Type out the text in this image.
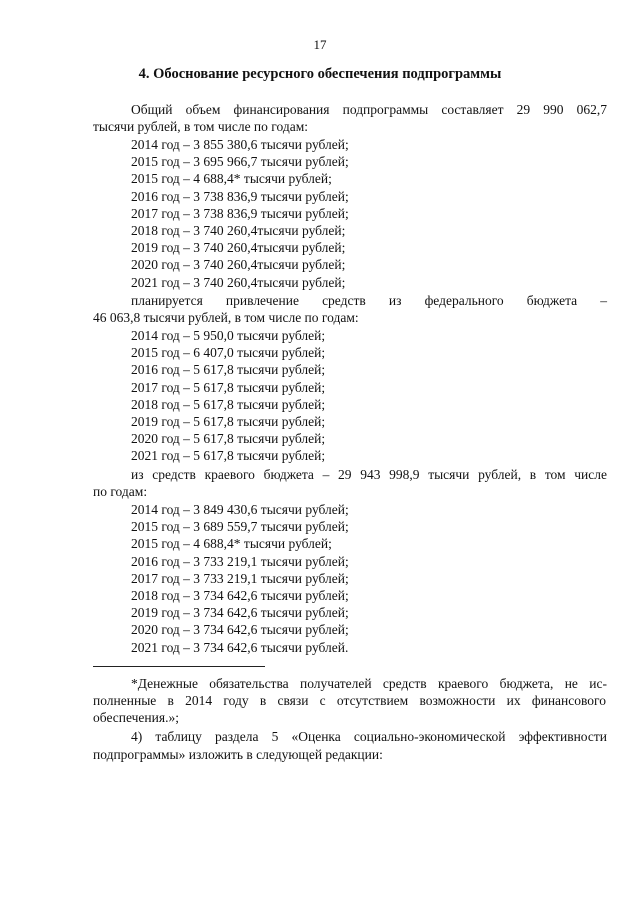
17
4. Обоснование ресурсного обеспечения подпрограммы
Общий объем финансирования подпрограммы составляет 29 990 062,7
тысячи рублей, в том числе по годам:
2014 год – 3 855 380,6 тысячи рублей;
2015 год – 3 695 966,7 тысячи рублей;
2015 год – 4 688,4* тысячи рублей;
2016 год – 3 738 836,9 тысячи рублей;
2017 год – 3 738 836,9 тысячи рублей;
2018 год – 3 740 260,4тысячи рублей;
2019 год – 3 740 260,4тысячи рублей;
2020 год – 3 740 260,4тысячи рублей;
2021 год – 3 740 260,4тысячи рублей;
планируется привлечение средств из федерального бюджета –
46 063,8 тысячи рублей, в том числе по годам:
2014 год – 5 950,0 тысячи рублей;
2015 год – 6 407,0 тысячи рублей;
2016 год – 5 617,8 тысячи рублей;
2017 год – 5 617,8 тысячи рублей;
2018 год – 5 617,8 тысячи рублей;
2019 год – 5 617,8 тысячи рублей;
2020 год – 5 617,8 тысячи рублей;
2021 год – 5 617,8 тысячи рублей;
из средств краевого бюджета – 29 943 998,9 тысячи рублей, в том числе
по годам:
2014 год – 3 849 430,6 тысячи рублей;
2015 год – 3 689 559,7 тысячи рублей;
2015 год – 4 688,4* тысячи рублей;
2016 год – 3 733 219,1 тысячи рублей;
2017 год – 3 733 219,1 тысячи рублей;
2018 год – 3 734 642,6 тысячи рублей;
2019 год – 3 734 642,6 тысячи рублей;
2020 год – 3 734 642,6 тысячи рублей;
2021 год – 3 734 642,6 тысячи рублей.
*Денежные обязательства получателей средств краевого бюджета, не ис-
полненные в 2014 году в связи с отсутствием возможности их финансового
обеспечения.»;
4) таблицу раздела 5 «Оценка социально-экономической эффективности
подпрограммы» изложить в следующей редакции:
